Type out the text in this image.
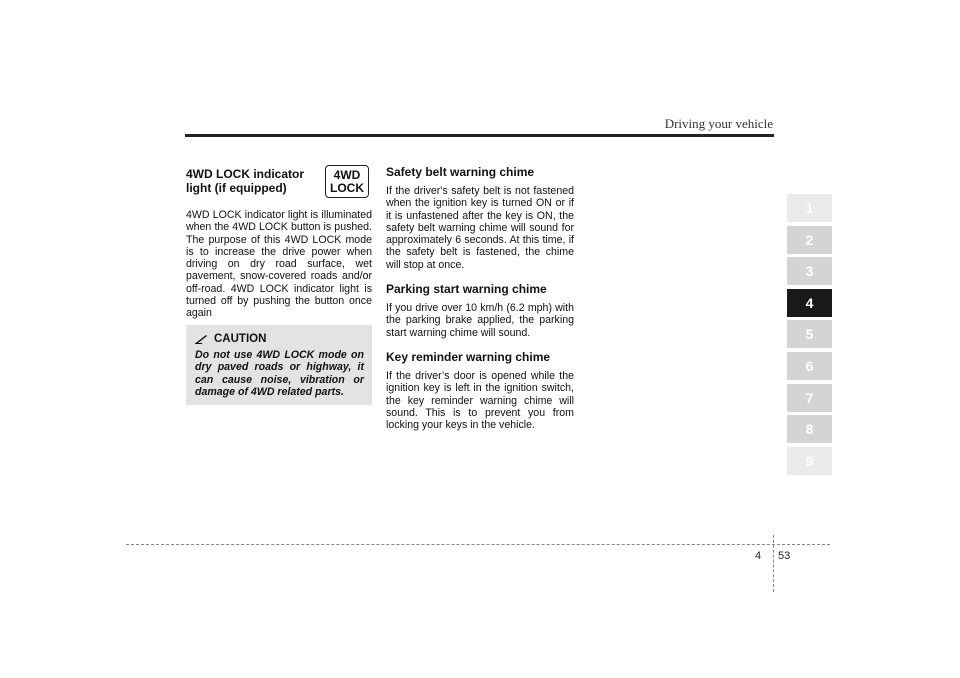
Driving your vehicle
4WD LOCK indicator light (if equipped)
4WD
LOCK

4WD LOCK indicator light is illuminated when the 4WD LOCK button is pushed. The purpose of this 4WD LOCK mode is to increase the drive power when driving on dry road surface, wet pavement, snow-covered roads and/or off-road. 4WD LOCK indicator light is turned off by pushing the button once again

CAUTION
Do not use 4WD LOCK mode on dry paved roads or highway, it can cause noise, vibration or damage of 4WD related parts.
Safety belt warning chime

If the driver's safety belt is not fastened when the ignition key is turned ON or if it is unfastened after the key is ON, the safety belt warning chime will sound for approximately 6 seconds. At this time, if the safety belt is fastened, the chime will stop at once.

Parking start warning chime

If you drive over 10 km/h (6.2 mph) with the parking brake applied, the parking start warning chime will sound.

Key reminder warning chime

If the driver’s door is opened while the ignition key is left in the ignition switch, the key reminder warning chime will sound. This is to prevent you from locking your keys in the vehicle.

1
2
3
4
5
6
7
8
9
4 53
